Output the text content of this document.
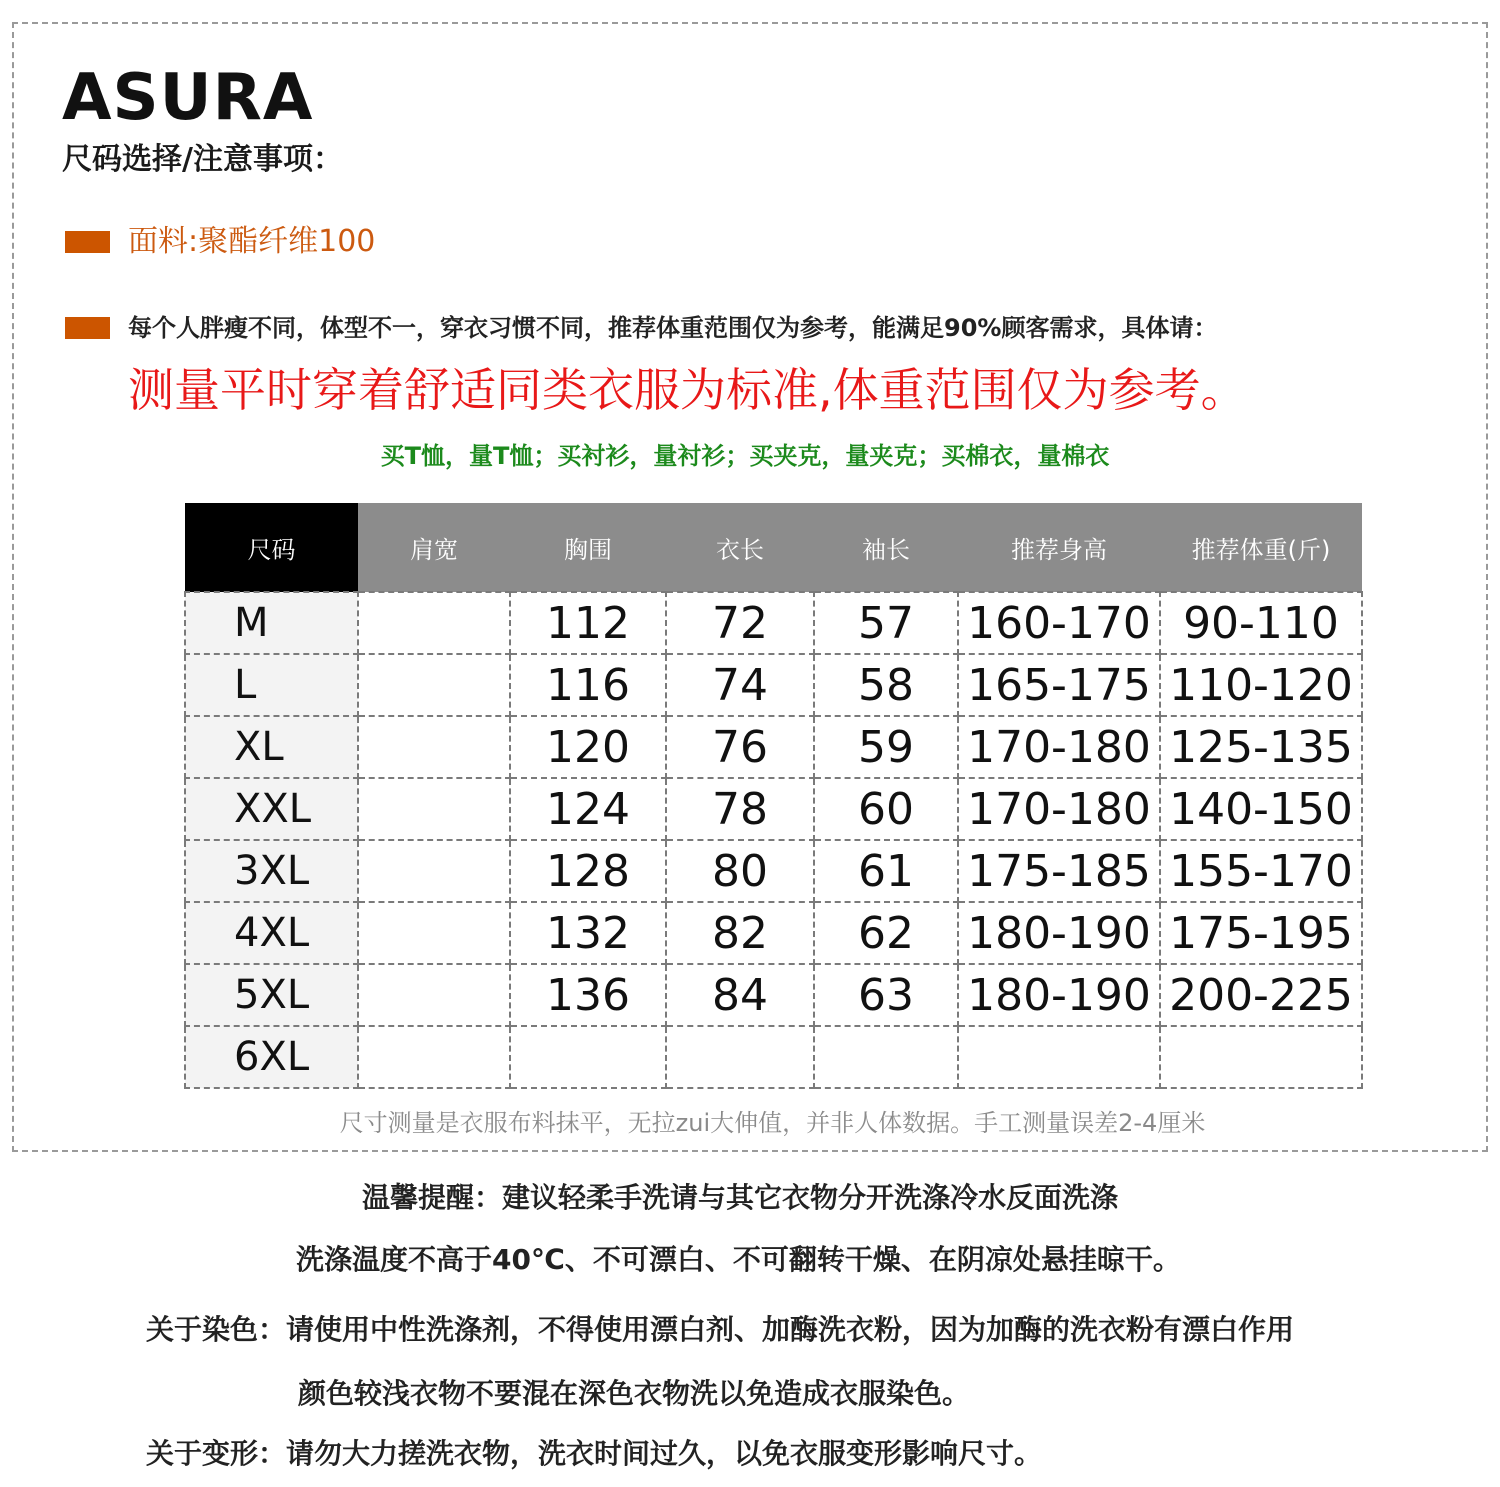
ASURA
尺码选择/注意事项：
面料:聚酯纤维100
每个人胖瘦不同，体型不一，穿衣习惯不同，推荐体重范围仅为参考，能满足90%顾客需求，具体请：
测量平时穿着舒适同类衣服为标准,体重范围仅为参考。
买T恤，量T恤；买衬衫，量衬衫；买夹克，量夹克；买棉衣，量棉衣
尺码	肩宽	胸围	衣长	袖长	推荐身高	推荐体重(斤)
M		112	72	57	160-170	90-110
L		116	74	58	165-175	110-120
XL		120	76	59	170-180	125-135
XXL		124	78	60	170-180	140-150
3XL		128	80	61	175-185	155-170
4XL		132	82	62	180-190	175-195
5XL		136	84	63	180-190	200-225
6XL						
尺寸测量是衣服布料抹平，无拉zui大伸值，并非人体数据。手工测量误差2-4厘米
温馨提醒：建议轻柔手洗请与其它衣物分开洗涤冷水反面洗涤
洗涤温度不高于40℃、不可漂白、不可翻转干燥、在阴凉处悬挂晾干。
关于染色：请使用中性洗涤剂，不得使用漂白剂、加酶洗衣粉，因为加酶的洗衣粉有漂白作用
颜色较浅衣物不要混在深色衣物洗以免造成衣服染色。
关于变形：请勿大力搓洗衣物，洗衣时间过久，以免衣服变形影响尺寸。
